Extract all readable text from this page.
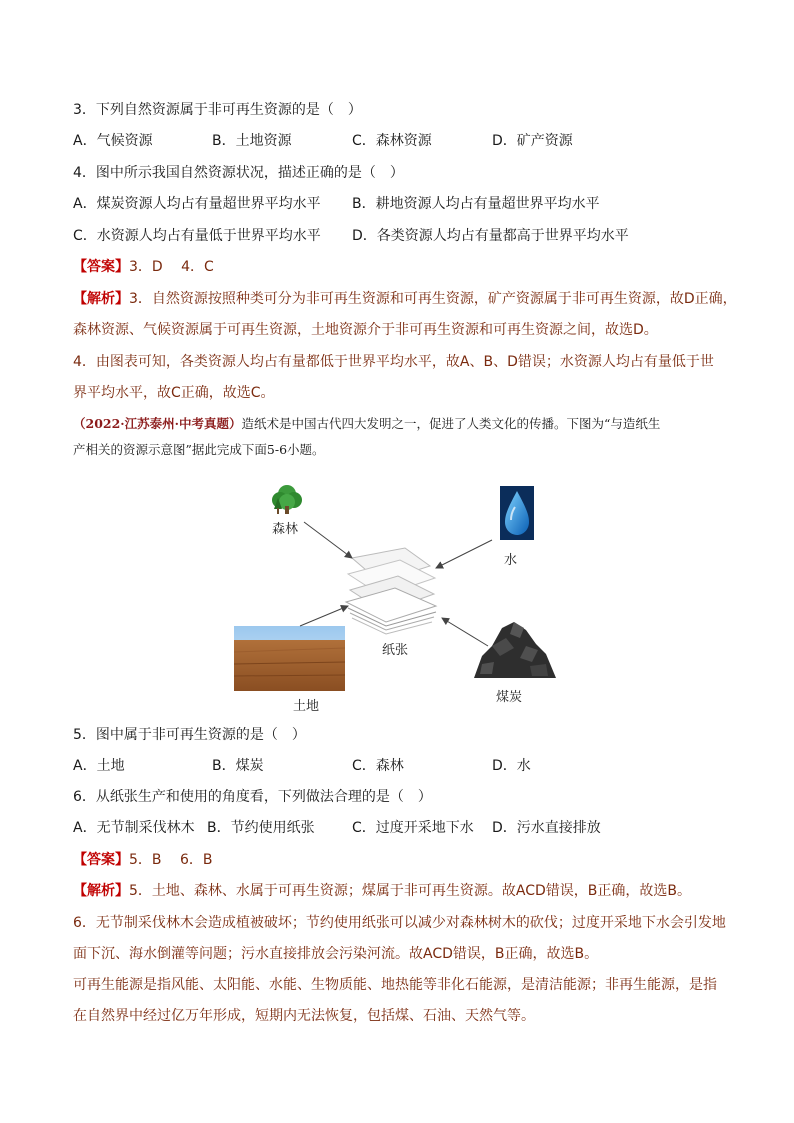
3．下列自然资源属于非可再生资源的是（　）
A．气候资源	B．土地资源	C．森林资源	D．矿产资源
4．图中所示我国自然资源状况，描述正确的是（　）
A．煤炭资源人均占有量超世界平均水平 B．耕地资源人均占有量超世界平均水平
C．水资源人均占有量低于世界平均水平 D．各类资源人均占有量都高于世界平均水平
【答案】3．D　 4．C
【解析】3．自然资源按照种类可分为非可再生资源和可再生资源，矿产资源属于非可再生资源，故D正确，
森林资源、气候资源属于可再生资源，土地资源介于非可再生资源和可再生资源之间，故选D。
4．由图表可知，各类资源人均占有量都低于世界平均水平，故A、B、D错误；水资源人均占有量低于世
界平均水平，故C正确，故选C。
（2022·江苏泰州·中考真题）造纸术是中国古代四大发明之一，促进了人类文化的传播。下图为“与造纸生
产相关的资源示意图”据此完成下面5-6小题。
森林
水
纸张
土地
煤炭
5．图中属于非可再生资源的是（　）
A．土地	B．煤炭	C．森林	D．水
6．从纸张生产和使用的角度看，下列做法合理的是（　）
A．无节制采伐林木 B．节约使用纸张	C．过度开采地下水 D．污水直接排放
【答案】5．B　 6．B
【解析】5．土地、森林、水属于可再生资源；煤属于非可再生资源。故ACD错误，B正确，故选B。
6．无节制采伐林木会造成植被破坏；节约使用纸张可以减少对森林树木的砍伐；过度开采地下水会引发地
面下沉、海水倒灌等问题；污水直接排放会污染河流。故ACD错误，B正确，故选B。
可再生能源是指风能、太阳能、水能、生物质能、地热能等非化石能源，是清洁能源；非再生能源，是指
在自然界中经过亿万年形成，短期内无法恢复，包括煤、石油、天然气等。
